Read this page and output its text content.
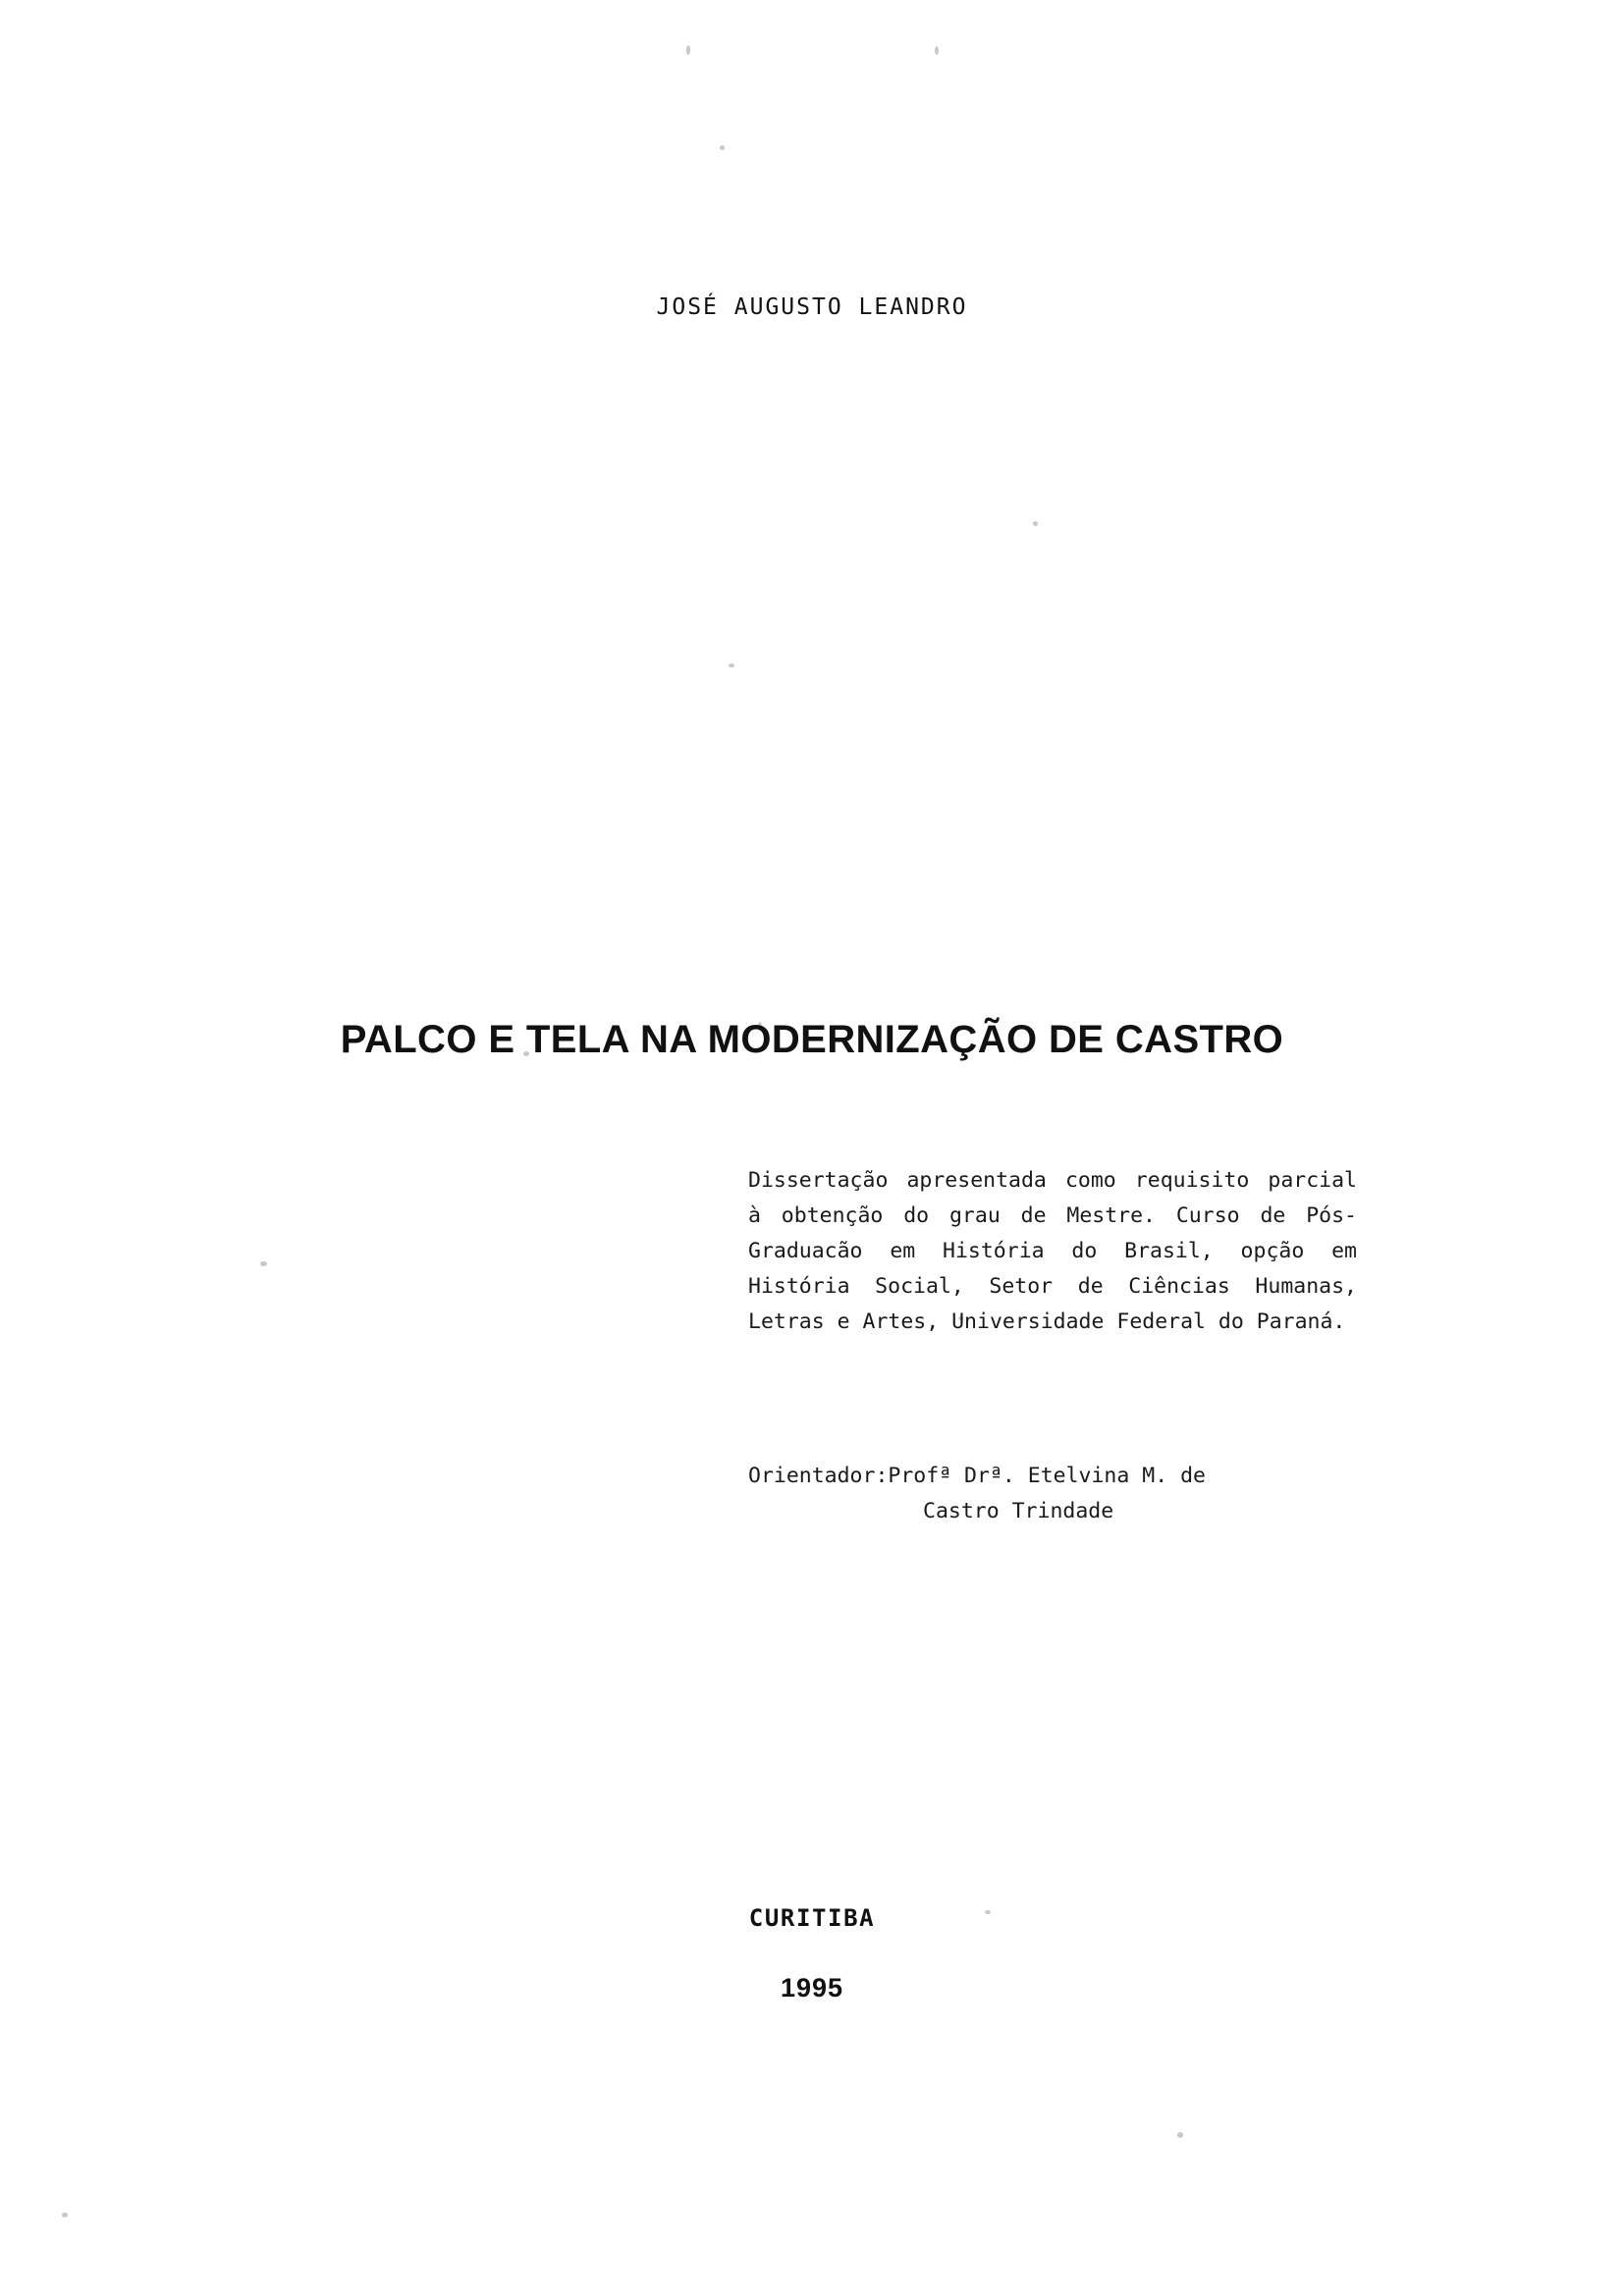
JOSÉ AUGUSTO LEANDRO
PALCO E TELA NA MODERNIZAÇÃO DE CASTRO

Dissertação apresentada como requisito parcial à obtenção do grau de Mestre. Curso de Pós-Graduacão em História do Brasil, opção em História Social, Setor de Ciências Humanas, Letras e Artes, Universidade Federal do Paraná.

Orientador:Profª Drª. Etelvina M. de

Castro Trindade

CURITIBA
1995
